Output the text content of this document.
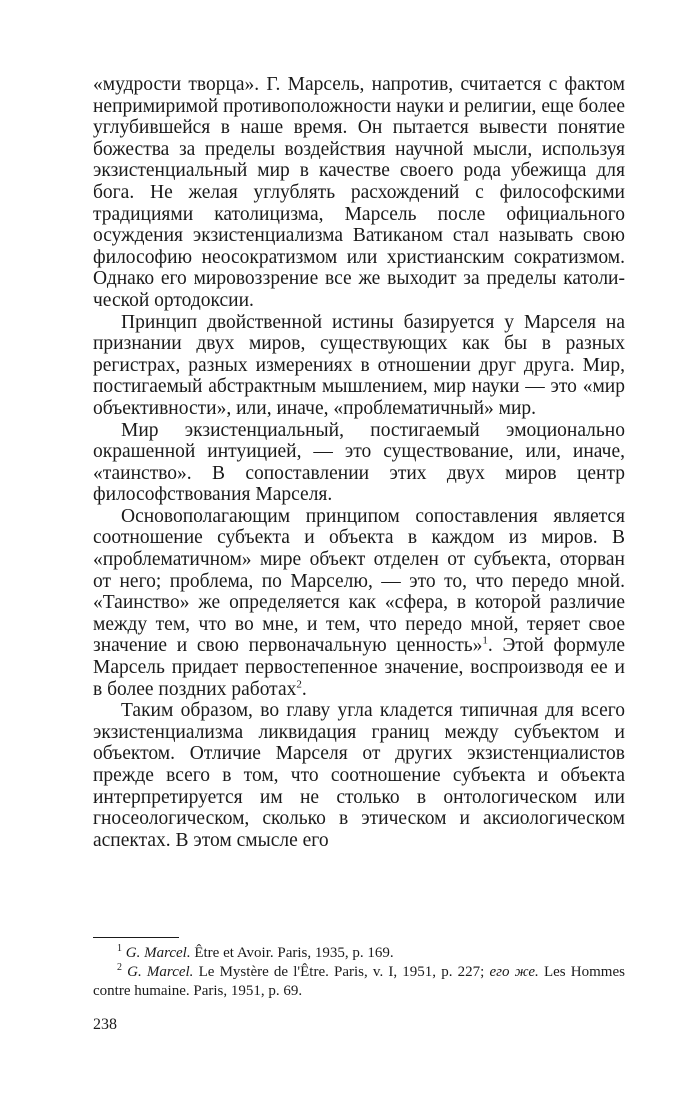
«мудрости творца». Г. Марсель, напротив, считается с фактом непримиримой противоположности науки и религии, еще более углубившейся в наше время. Он пытается вывести понятие божества за пределы воздействия научной мысли, используя экзистенциальный мир в качестве своего рода убежища для бога. Не желая углублять расхождений с философскими традициями католицизма, Марсель после официального осуждения экзистенциализма Ватиканом стал называть свою философию неосократизмом или христианским сократизмом. Однако его мировоззрение все же выходит за пределы католической ортодоксии.

Принцип двойственной истины базируется у Марселя на признании двух миров, существующих как бы в разных регистрах, разных измерениях в отношении друг друга. Мир, постигаемый абстрактным мышлением, мир науки — это «мир объективности», или, иначе, «проблематичный» мир.

Мир экзистенциальный, постигаемый эмоционально окрашенной интуицией, — это существование, или, иначе, «таинство». В сопоставлении этих двух миров центр философствования Марселя.

Основополагающим принципом сопоставления является соотношение субъекта и объекта в каждом из миров. В «проблематичном» мире объект отделен от субъекта, оторван от него; проблема, по Марселю, — это то, что передо мной. «Таинство» же определяется как «сфера, в которой различие между тем, что во мне, и тем, что передо мной, теряет свое значение и свою первоначальную ценность»$^1$. Этой формуле Марсель придает первостепенное значение, воспроизводя ее и в более поздних работах$^2$.

Таким образом, во главу угла кладется типичная для всего экзистенциализма ликвидация границ между субъектом и объектом. Отличие Марселя от других экзистенциалистов прежде всего в том, что соотношение субъекта и объекта интерпретируется им не столько в онтологическом или гносеологическом, сколько в этическом и аксиологическом аспектах. В этом смысле его

$^1$ G. Marcel. Être et Avoir. Paris, 1935, p. 169.

$^2$ G. Marcel. Le Mystère de l'Être. Paris, v. I, 1951, p. 227; его же. Les Hommes contre humaine. Paris, 1951, p. 69.

238
